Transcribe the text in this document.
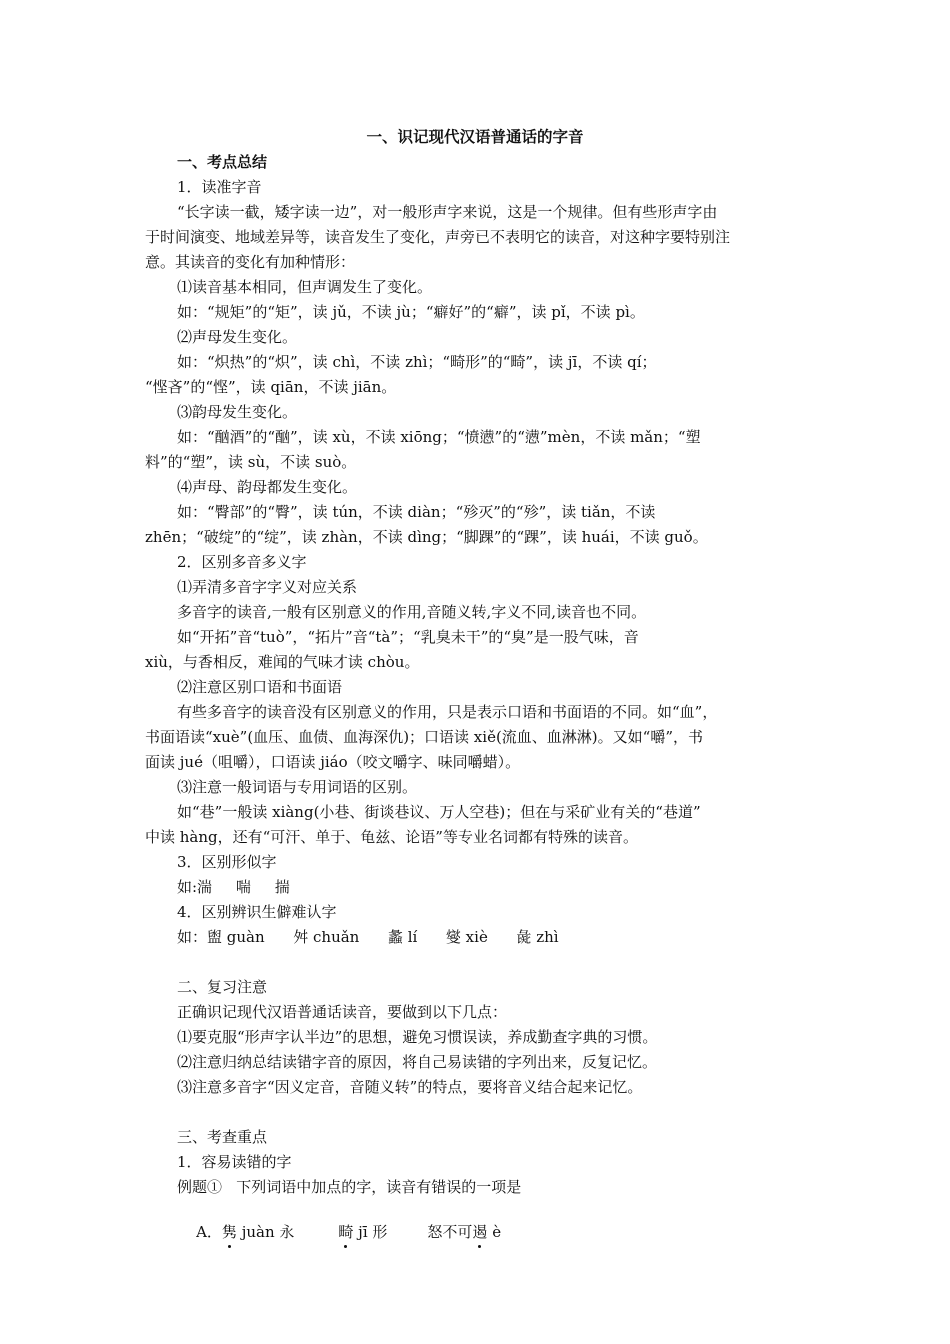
一、识记现代汉语普通话的字音
一、考点总结
1．读准字音
“长字读一截，矮字读一边”，对一般形声字来说，这是一个规律。但有些形声字由
于时间演变、地域差异等，读音发生了变化，声旁已不表明它的读音，对这种字要特别注
意。其读音的变化有加种情形：
⑴读音基本相同，但声调发生了变化。
如：“规矩”的“矩”，读 jǔ，不读 jù；“癖好”的“癖”，读 pǐ，不读 pì。
⑵声母发生变化。
如：“炽热”的“炽”，读 chì，不读 zhì；“畸形”的“畸”，读 jī，不读 qí；
“悭吝”的“悭”，读 qiān，不读 jiān。
⑶韵母发生变化。
如：“酗酒”的“酗”，读 xù，不读 xiōng；“愤懑”的“懑”mèn，不读 mǎn；“塑
料”的“塑”，读 sù，不读 suò。
⑷声母、韵母都发生变化。
如：“臀部”的“臀”，读 tún，不读 diàn；“殄灭”的“殄”，读 tiǎn，不读
zhēn；“破绽”的“绽”，读 zhàn，不读 dìng；“脚踝”的“踝”，读 huái，不读 guǒ。
2．区别多音多义字
⑴弄清多音字字义对应关系
多音字的读音,一般有区别意义的作用,音随义转,字义不同,读音也不同。
如“开拓”音“tuò”，“拓片”音“tà”；“乳臭未干”的“臭”是一股气味，音
xiù，与香相反，难闻的气味才读 chòu。
⑵注意区别口语和书面语
有些多音字的读音没有区别意义的作用，只是表示口语和书面语的不同。如“血”，
书面语读“xuè”(血压、血债、血海深仇)；口语读 xiě(流血、血淋淋)。又如“嚼”，书
面读 jué（咀嚼），口语读 jiáo（咬文嚼字、味同嚼蜡）。
⑶注意一般词语与专用词语的区别。
如“巷”一般读 xiàng(小巷、街谈巷议、万人空巷)；但在与采矿业有关的“巷道”
中读 hàng，还有“可汗、单于、龟兹、论语”等专业名词都有特殊的读音。
3．区别形似字
如:湍     喘     揣
4．区别辨识生僻难认字
如：盥 guàn      舛 chuǎn      蠡 lí      燮 xiè      彘 zhì
二、复习注意
正确识记现代汉语普通话读音，要做到以下几点：
⑴要克服“形声字认半边”的思想，避免习惯误读，养成勤查字典的习惯。
⑵注意归纳总结读错字音的原因，将自己易读错的字列出来，反复记忆。
⑶注意多音字“因义定音，音随义转”的特点，要将音义结合起来记忆。
三、考查重点
1．容易读错的字
例题①   下列词语中加点的字，读音有错误的一项是

A．隽 juàn 永	畸 jī 形	怒不可遏 è
